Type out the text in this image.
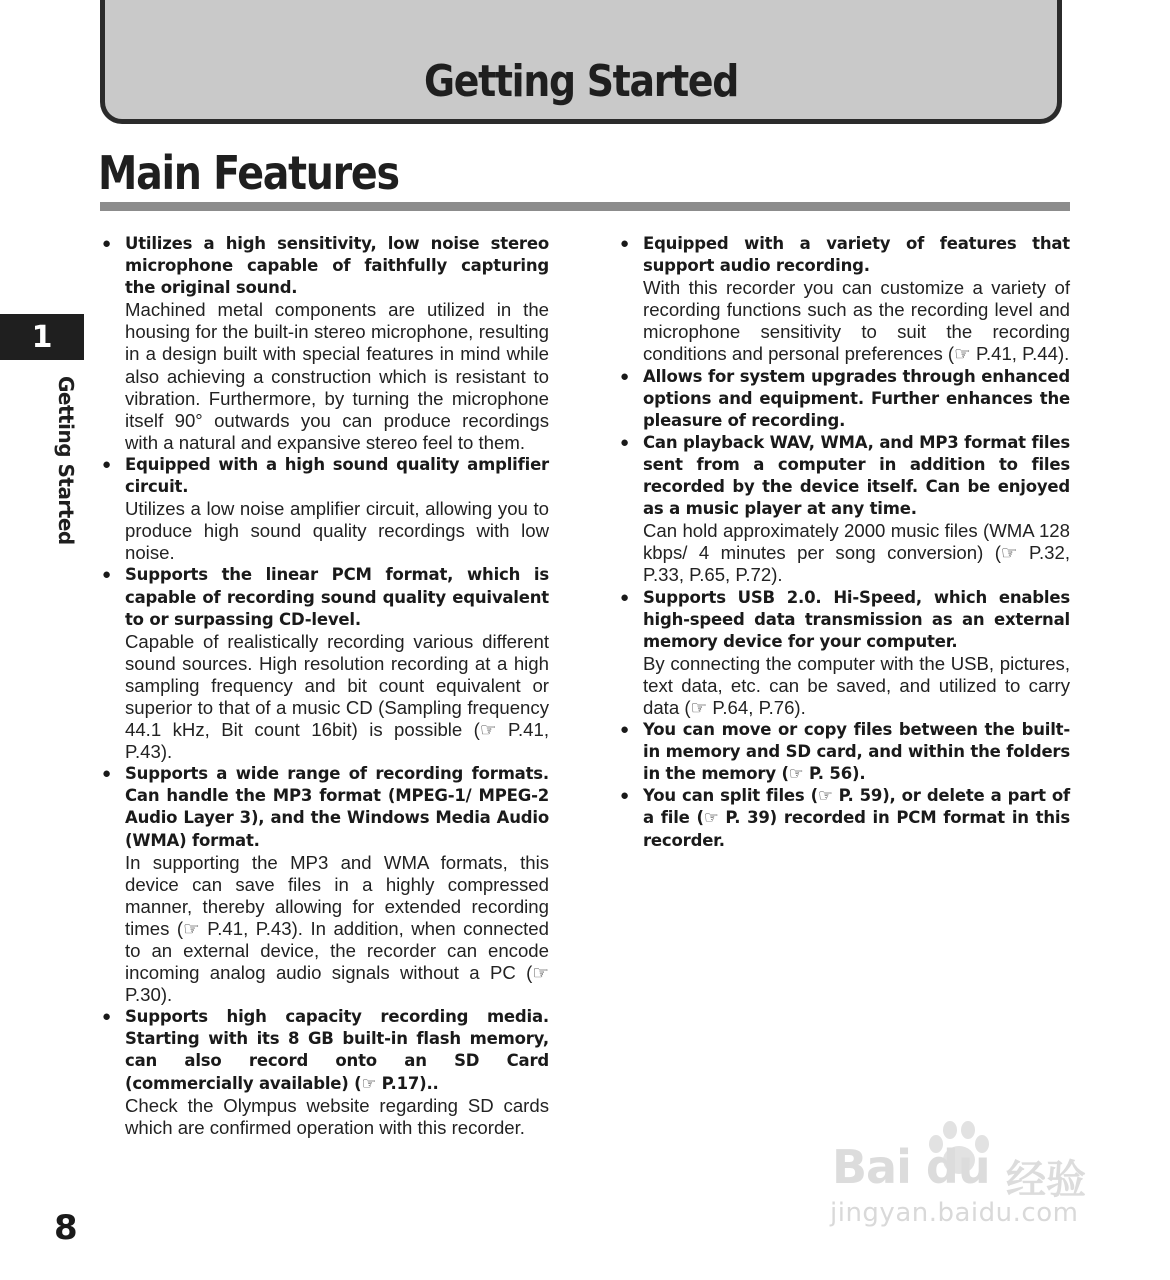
Getting Started
Main Features
1
Getting Started
● Utilizes a high sensitivity, low noise stereo microphone capable of faithfully capturing the original sound.
Machined metal components are utilized in the housing for the built-in stereo microphone, resulting in a design built with special features in mind while also achieving a construction which is resistant to vibration. Furthermore, by turning the microphone itself 90° outwards you can produce recordings with a natural and expansive stereo feel to them.
● Equipped with a high sound quality amplifier circuit.
Utilizes a low noise amplifier circuit, allowing you to produce high sound quality recordings with low noise.
● Supports the linear PCM format, which is capable of recording sound quality equivalent to or surpassing CD-level.
Capable of realistically recording various different sound sources. High resolution recording at a high sampling frequency and bit count equivalent or superior to that of a music CD (Sampling frequency 44.1 kHz, Bit count 16bit) is possible (☞ P.41, P.43).
● Supports a wide range of recording formats. Can handle the MP3 format (MPEG-1/ MPEG-2 Audio Layer 3), and the Windows Media Audio (WMA) format.
In supporting the MP3 and WMA formats, this device can save files in a highly compressed manner, thereby allowing for extended recording times (☞ P.41, P.43). In addition, when connected to an external device, the recorder can encode incoming analog audio signals without a PC (☞ P.30).
● Supports high capacity recording media. Starting with its 8 GB built-in flash memory, can also record onto an SD Card (commercially available) (☞ P.17)..
Check the Olympus website regarding SD cards which are confirmed operation with this recorder.
● Equipped with a variety of features that support audio recording.
With this recorder you can customize a variety of recording functions such as the recording level and microphone sensitivity to suit the recording conditions and personal preferences (☞ P.41, P.44).
● Allows for system upgrades through enhanced options and equipment. Further enhances the pleasure of recording.
● Can playback WAV, WMA, and MP3 format files sent from a computer in addition to files recorded by the device itself. Can be enjoyed as a music player at any time.
Can hold approximately 2000 music files (WMA 128 kbps/ 4 minutes per song conversion) (☞ P.32, P.33, P.65, P.72).
● Supports USB 2.0. Hi-Speed, which enables high-speed data transmission as an external memory device for your computer.
By connecting the computer with the USB, pictures, text data, etc. can be saved, and utilized to carry data (☞ P.64, P.76).
● You can move or copy files between the built-in memory and SD card, and within the folders in the memory (☞ P. 56).
● You can split files (☞ P. 59), or delete a part of a file (☞ P. 39) recorded in PCM format in this recorder.
8
Bai du 经验
jingyan.baidu.com
